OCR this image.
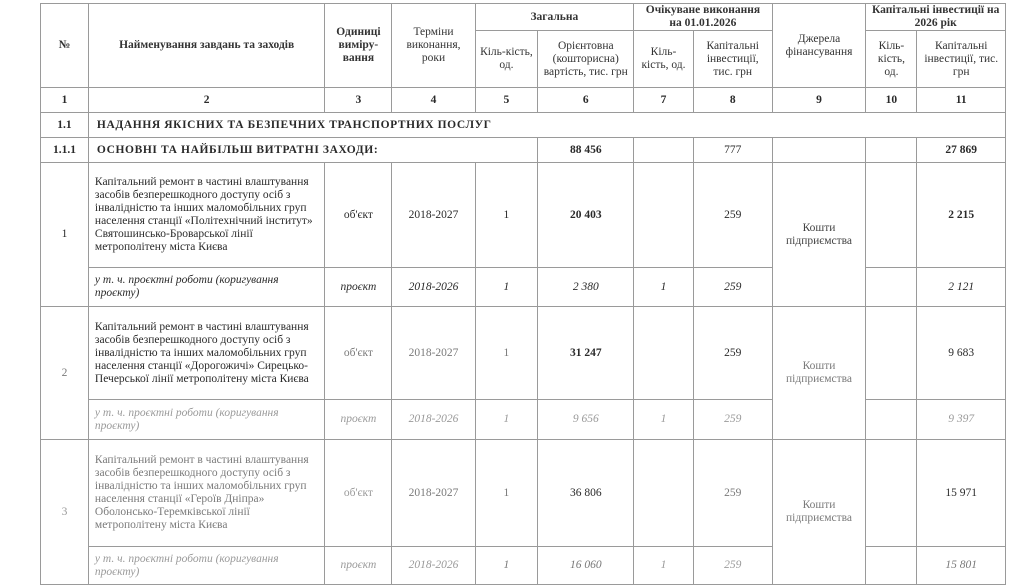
№	Найменування завдань та заходів	Одиниці виміру-вання	Терміни виконання, роки	Загальна		Очікуване виконання на 01.01.2026		Джерела фінансування	Капітальні інвестиції на 2026 рік	
				Кіль-кість, од.	Орієнтовна (кошторисна) вартість, тис. грн	Кіль-кість, од.	Капітальні інвестиції, тис. грн		Кіль-кість, од.	Капітальні інвестиції, тис. грн
1	2	3	4	5	6	7	8	9	10	11
1.1	НАДАННЯ ЯКІСНИХ ТА БЕЗПЕЧНИХ ТРАНСПОРТНИХ ПОСЛУГ									
1.1.1	ОСНОВНІ ТА НАЙБІЛЬШ ВИТРАТНІ ЗАХОДИ:				88 456		777			27 869
1	Капітальний ремонт в частині влаштування засобів безперешкодного доступу осіб з інвалідністю та інших маломобільних груп населення станції «Політехнічний інститут» Святошинсько-Броварської лінії метрополітену міста Києва	об'єкт	2018-2027	1	20 403		259	Кошти підприємства		2 215
	у т. ч. проєктні роботи (коригування проєкту)	проєкт	2018-2026	1	2 380	1	259			2 121
2	Капітальний ремонт в частині влаштування засобів безперешкодного доступу осіб з інвалідністю та інших маломобільних груп населення станції «Дорогожичі» Сирецько-Печерської лінії метрополітену міста Києва	об'єкт	2018-2027	1	31 247		259	Кошти підприємства		9 683
	у т. ч. проєктні роботи (коригування проєкту)	проєкт	2018-2026	1	9 656	1	259			9 397
3	Капітальний ремонт в частині влаштування засобів безперешкодного доступу осіб з інвалідністю та інших маломобільних груп населення станції «Героїв Дніпра» Оболонсько-Теремківської лінії метрополітену міста Києва	об'єкт	2018-2027	1	36 806		259	Кошти підприємства		15 971
	у т. ч. проєктні роботи (коригування проєкту)	проєкт	2018-2026	1	16 060	1	259			15 801
